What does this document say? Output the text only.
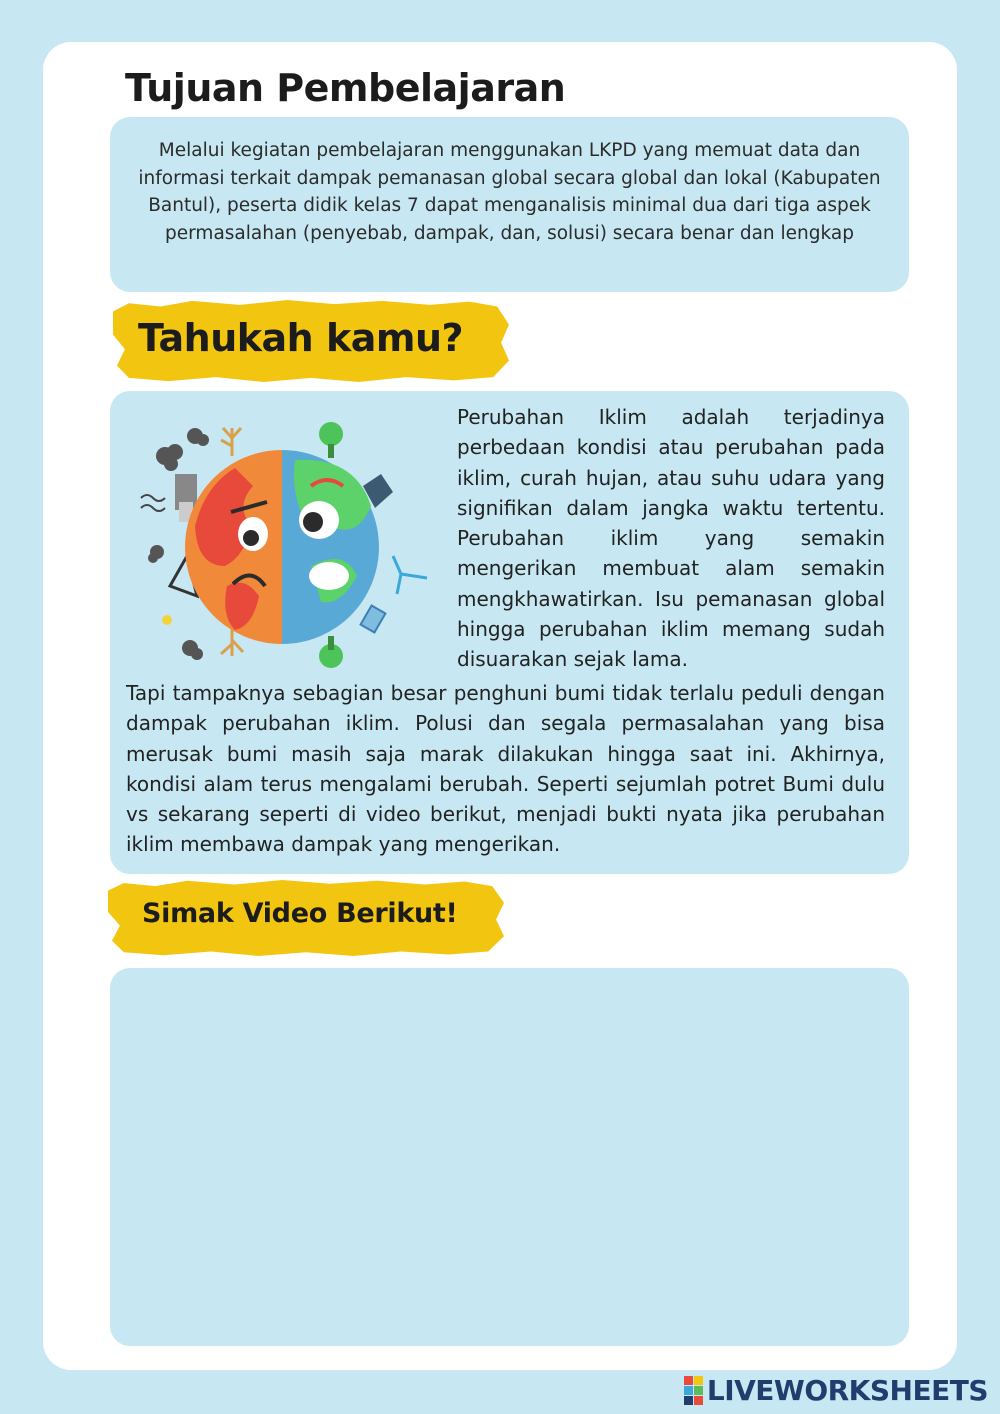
Tujuan Pembelajaran
Melalui kegiatan pembelajaran menggunakan LKPD yang memuat data dan informasi terkait dampak pemanasan global secara global dan lokal (Kabupaten Bantul), peserta didik kelas 7 dapat menganalisis minimal dua dari tiga aspek permasalahan (penyebab, dampak, dan, solusi) secara benar dan lengkap
Tahukah kamu?

Perubahan Iklim adalah terjadinya perbedaan kondisi atau perubahan pada iklim, curah hujan, atau suhu udara yang signifikan dalam jangka waktu tertentu. Perubahan iklim yang semakin mengerikan membuat alam semakin mengkhawatirkan. Isu pemanasan global hingga perubahan iklim memang sudah disuarakan sejak lama.

Tapi tampaknya sebagian besar penghuni bumi tidak terlalu peduli dengan dampak perubahan iklim. Polusi dan segala permasalahan yang bisa merusak bumi masih saja marak dilakukan hingga saat ini. Akhirnya, kondisi alam terus mengalami berubah. Seperti sejumlah potret Bumi dulu vs sekarang seperti di video berikut, menjadi bukti nyata jika perubahan iklim membawa dampak yang mengerikan.

Simak Video Berikut!
LIVEWORKSHEETS
